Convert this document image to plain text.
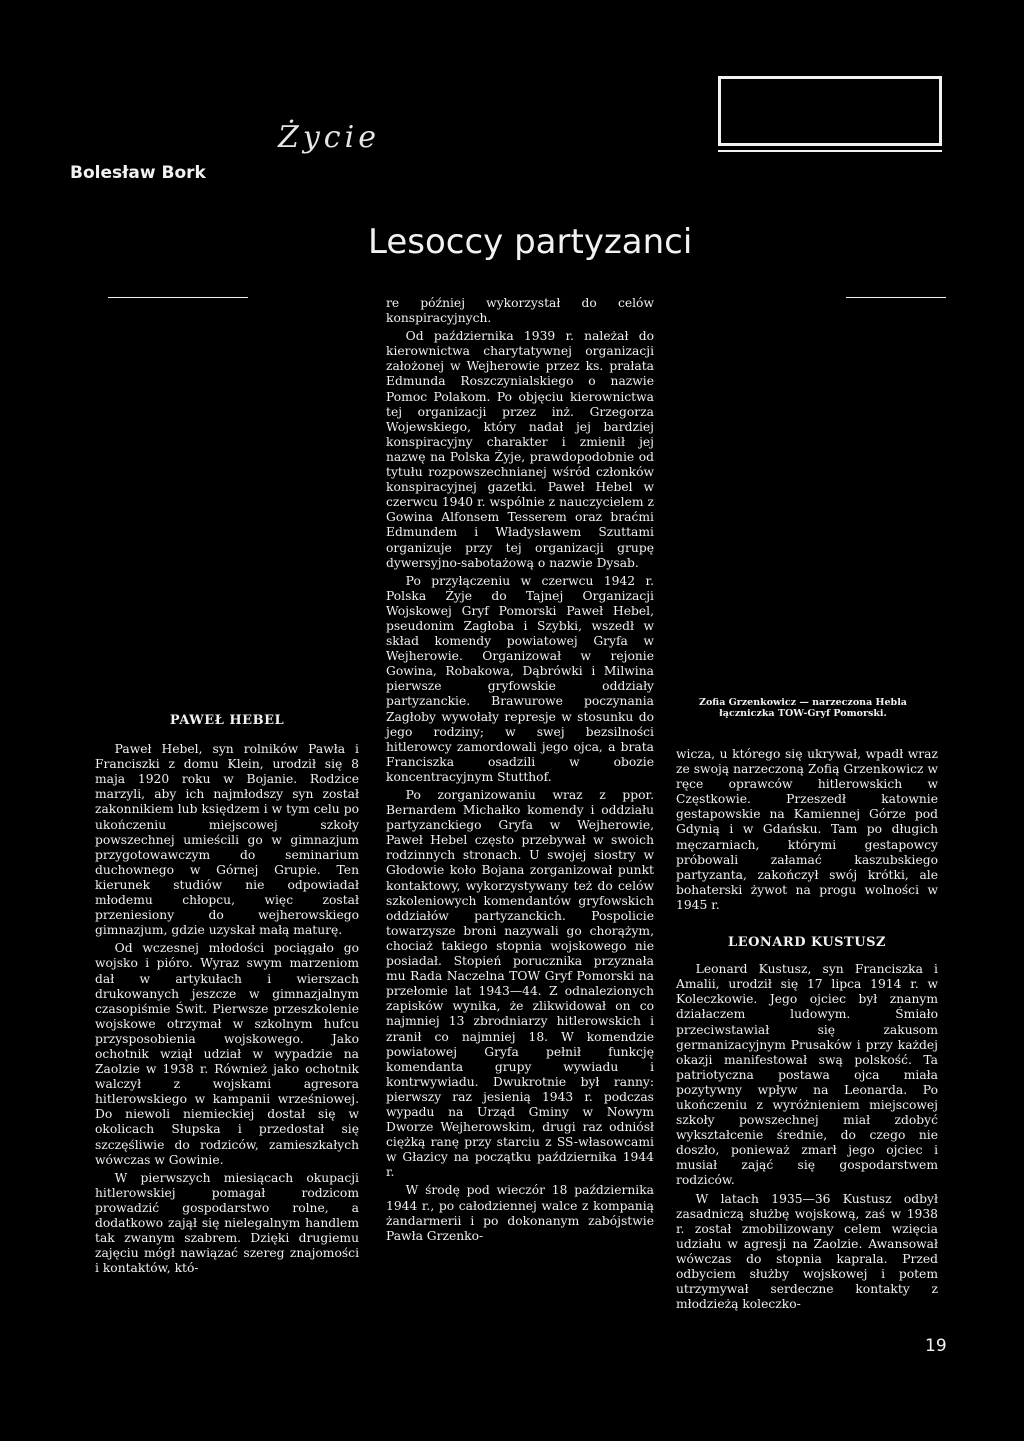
Życie
Bolesław Bork
Lesoccy partyzanci
Zofia Grzenkowicz — narzeczona Hebla łączniczka TOW-Gryf Pomorski.
PAWEŁ HEBEL

Paweł Hebel, syn rolników Pawła i Franciszki z domu Klein, urodził się 8 maja 1920 roku w Bojanie. Rodzice marzyli, aby ich najmłodszy syn został zakonnikiem lub księdzem i w tym celu po ukończeniu miejscowej szkoły powszechnej umieścili go w gimnazjum przygotowawczym do seminarium duchownego w Górnej Grupie. Ten kierunek studiów nie odpowiadał młodemu chłopcu, więc został przeniesiony do wejherowskiego gimnazjum, gdzie uzyskał małą maturę.

Od wczesnej młodości pociągało go wojsko i pióro. Wyraz swym marzeniom dał w artykułach i wierszach drukowanych jeszcze w gimnazjalnym czasopiśmie Świt. Pierwsze przeszkolenie wojskowe otrzymał w szkolnym hufcu przysposobienia wojskowego. Jako ochotnik wziął udział w wypadzie na Zaolzie w 1938 r. Również jako ochotnik walczył z wojskami agresora hitlerowskiego w kampanii wrześniowej. Do niewoli niemieckiej dostał się w okolicach Słupska i przedostał się szczęśliwie do rodziców, zamieszkałych wówczas w Gowinie.

W pierwszych miesiącach okupacji hitlerowskiej pomagał rodzicom prowadzić gospodarstwo rolne, a dodatkowo zajął się nielegalnym handlem tak zwanym szabrem. Dzięki drugiemu zajęciu mógł nawiązać szereg znajomości i kontaktów, któ-

re później wykorzystał do celów konspiracyjnych.

Od października 1939 r. należał do kierownictwa charytatywnej organizacji założonej w Wejherowie przez ks. prałata Edmunda Roszczynialskiego o nazwie Pomoc Polakom. Po objęciu kierownictwa tej organizacji przez inż. Grzegorza Wojewskiego, który nadał jej bardziej konspiracyjny charakter i zmienił jej nazwę na Polska Żyje, prawdopodobnie od tytułu rozpowszechnianej wśród członków konspiracyjnej gazetki. Paweł Hebel w czerwcu 1940 r. wspólnie z nauczycielem z Gowina Alfonsem Tesserem oraz braćmi Edmundem i Władysławem Szuttami organizuje przy tej organizacji grupę dywersyjno-sabotażową o nazwie Dysab.

Po przyłączeniu w czerwcu 1942 r. Polska Żyje do Tajnej Organizacji Wojskowej Gryf Pomorski Paweł Hebel, pseudonim Zagłoba i Szybki, wszedł w skład komendy powiatowej Gryfa w Wejherowie. Organizował w rejonie Gowina, Robakowa, Dąbrówki i Milwina pierwsze gryfowskie oddziały partyzanckie. Brawurowe poczynania Zagłoby wywołały represje w stosunku do jego rodziny; w swej bezsilności hitlerowcy zamordowali jego ojca, a brata Franciszka osadzili w obozie koncentracyjnym Stutthof.

Po zorganizowaniu wraz z ppor. Bernardem Michałko komendy i oddziału partyzanckiego Gryfa w Wejherowie, Paweł Hebel często przebywał w swoich rodzinnych stronach. U swojej siostry w Głodowie koło Bojana zorganizował punkt kontaktowy, wykorzystywany też do celów szkoleniowych komendantów gryfowskich oddziałów partyzanckich. Pospolicie towarzysze broni nazywali go chorążym, chociaż takiego stopnia wojskowego nie posiadał. Stopień porucznika przyznała mu Rada Naczelna TOW Gryf Pomorski na przełomie lat 1943—44. Z odnalezionych zapisków wynika, że zlikwidował on co najmniej 13 zbrodniarzy hitlerowskich i zranił co najmniej 18. W komendzie powiatowej Gryfa pełnił funkcję komendanta grupy wywiadu i kontrwywiadu. Dwukrotnie był ranny: pierwszy raz jesienią 1943 r. podczas wypadu na Urząd Gminy w Nowym Dworze Wejherowskim, drugi raz odniósł ciężką ranę przy starciu z SS-własowcami w Głazicy na początku października 1944 r.

W środę pod wieczór 18 października 1944 r., po całodziennej walce z kompanią żandarmerii i po dokonanym zabójstwie Pawła Grzenko-

wicza, u którego się ukrywał, wpadł wraz ze swoją narzeczoną Zofią Grzenkowicz w ręce oprawców hitlerowskich w Częstkowie. Przeszedł katownie gestapowskie na Kamiennej Górze pod Gdynią i w Gdańsku. Tam po długich męczarniach, którymi gestapowcy próbowali załamać kaszubskiego partyzanta, zakończył swój krótki, ale bohaterski żywot na progu wolności w 1945 r.

LEONARD KUSTUSZ

Leonard Kustusz, syn Franciszka i Amalii, urodził się 17 lipca 1914 r. w Koleczkowie. Jego ojciec był znanym działaczem ludowym. Śmiało przeciwstawiał się zakusom germanizacyjnym Prusaków i przy każdej okazji manifestował swą polskość. Ta patriotyczna postawa ojca miała pozytywny wpływ na Leonarda. Po ukończeniu z wyróżnieniem miejscowej szkoły powszechnej miał zdobyć wykształcenie średnie, do czego nie doszło, ponieważ zmarł jego ojciec i musiał zająć się gospodarstwem rodziców.

W latach 1935—36 Kustusz odbył zasadniczą służbę wojskową, zaś w 1938 r. został zmobilizowany celem wzięcia udziału w agresji na Zaolzie. Awansował wówczas do stopnia kaprala. Przed odbyciem służby wojskowej i potem utrzymywał serdeczne kontakty z młodzieżą koleczko-

19
